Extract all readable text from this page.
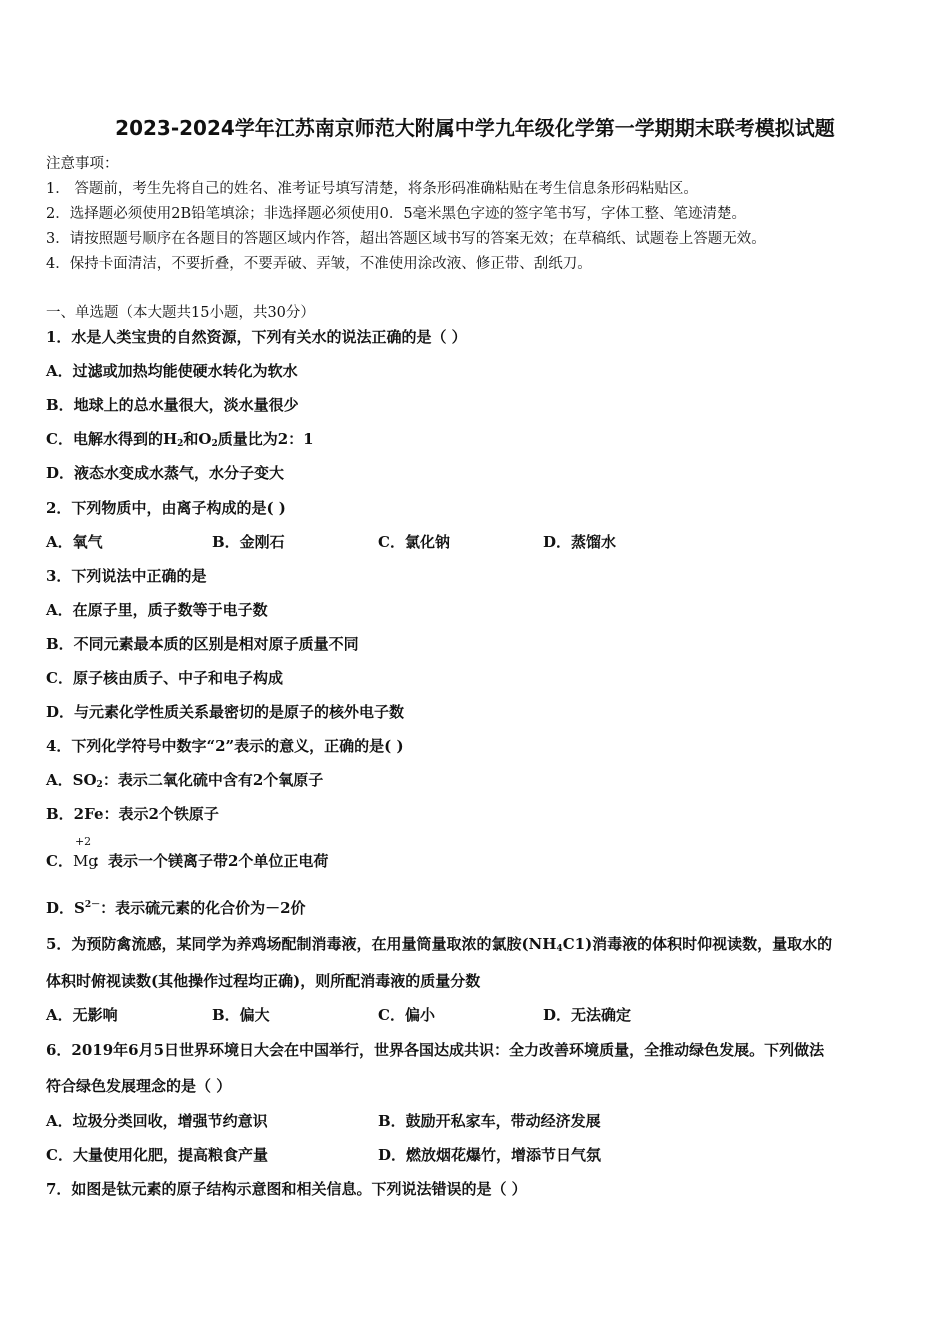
2023-2024学年江苏南京师范大附属中学九年级化学第一学期期末联考模拟试题
注意事项：
1． 答题前，考生先将自己的姓名、准考证号填写清楚，将条形码准确粘贴在考生信息条形码粘贴区。
2．选择题必须使用2B铅笔填涂；非选择题必须使用0．5毫米黑色字迹的签字笔书写，字体工整、笔迹清楚。
3．请按照题号顺序在各题目的答题区域内作答，超出答题区域书写的答案无效；在草稿纸、试题卷上答题无效。
4．保持卡面清洁，不要折叠，不要弄破、弄皱，不准使用涂改液、修正带、刮纸刀。
一、单选题（本大题共15小题，共30分）
1．水是人类宝贵的自然资源，下列有关水的说法正确的是（ ）
A．过滤或加热均能使硬水转化为软水
B．地球上的总水量很大，淡水量很少
C．电解水得到的$H_2$和$O_2$质量比为2：1
D．液态水变成水蒸气，水分子变大
2．下列物质中，由离子构成的是( )
A．氧气	B．金刚石	C．氯化钠	D．蒸馏水
3．下列说法中正确的是
A．在原子里，质子数等于电子数
B．不同元素最本质的区别是相对原子质量不同
C．原子核由质子、中子和电子构成
D．与元素化学性质关系最密切的是原子的核外电子数
4．下列化学符号中数字“2”表示的意义，正确的是( )
A．$SO_2$：表示二氧化硫中含有2个氧原子
B．2Fe：表示2个铁原子
C．
+2
Mg：表示一个镁离子带2个单位正电荷
D．$S^{2-}$：表示硫元素的化合价为－2价
5．为预防禽流感，某同学为养鸡场配制消毒液，在用量筒量取浓的氯胺$(NH_4C1)$消毒液的体积时仰视读数，量取水的
体积时俯视读数(其他操作过程均正确)，则所配消毒液的质量分数
A．无影响	B．偏大	C．偏小	D．无法确定
6．2019年6月5日世界环境日大会在中国举行，世界各国达成共识：全力改善环境质量，全推动绿色发展。下列做法
符合绿色发展理念的是（ ）
A．垃圾分类回收，增强节约意识	B．鼓励开私家车，带动经济发展
C．大量使用化肥，提高粮食产量	D．燃放烟花爆竹，增添节日气氛
7．如图是钛元素的原子结构示意图和相关信息。下列说法错误的是（ ）
